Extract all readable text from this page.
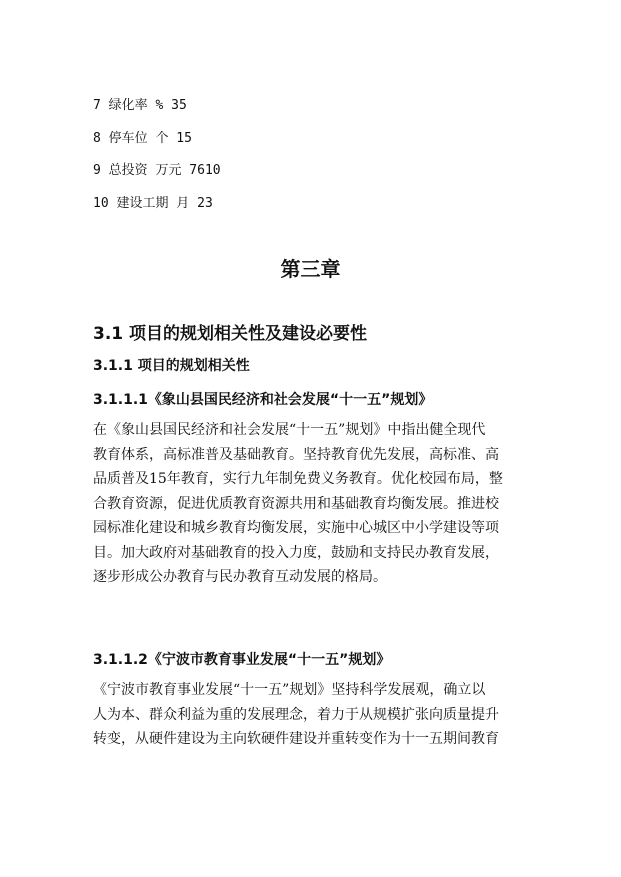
7 绿化率 % 35
8 停车位 个 15
9 总投资 万元 7610
10 建设工期 月 23
第三章
3.1 项目的规划相关性及建设必要性
3.1.1 项目的规划相关性
3.1.1.1《象山县国民经济和社会发展“十一五”规划》
在《象山县国民经济和社会发展“十一五”规划》中指出健全现代
教育体系，高标准普及基础教育。坚持教育优先发展，高标准、高
品质普及15年教育，实行九年制免费义务教育。优化校园布局，整
合教育资源，促进优质教育资源共用和基础教育均衡发展。推进校
园标准化建设和城乡教育均衡发展，实施中心城区中小学建设等项
目。加大政府对基础教育的投入力度，鼓励和支持民办教育发展，
逐步形成公办教育与民办教育互动发展的格局。
3.1.1.2《宁波市教育事业发展“十一五”规划》
《宁波市教育事业发展“十一五”规划》坚持科学发展观，确立以
人为本、群众利益为重的发展理念，着力于从规模扩张向质量提升
转变，从硬件建设为主向软硬件建设并重转变作为十一五期间教育
